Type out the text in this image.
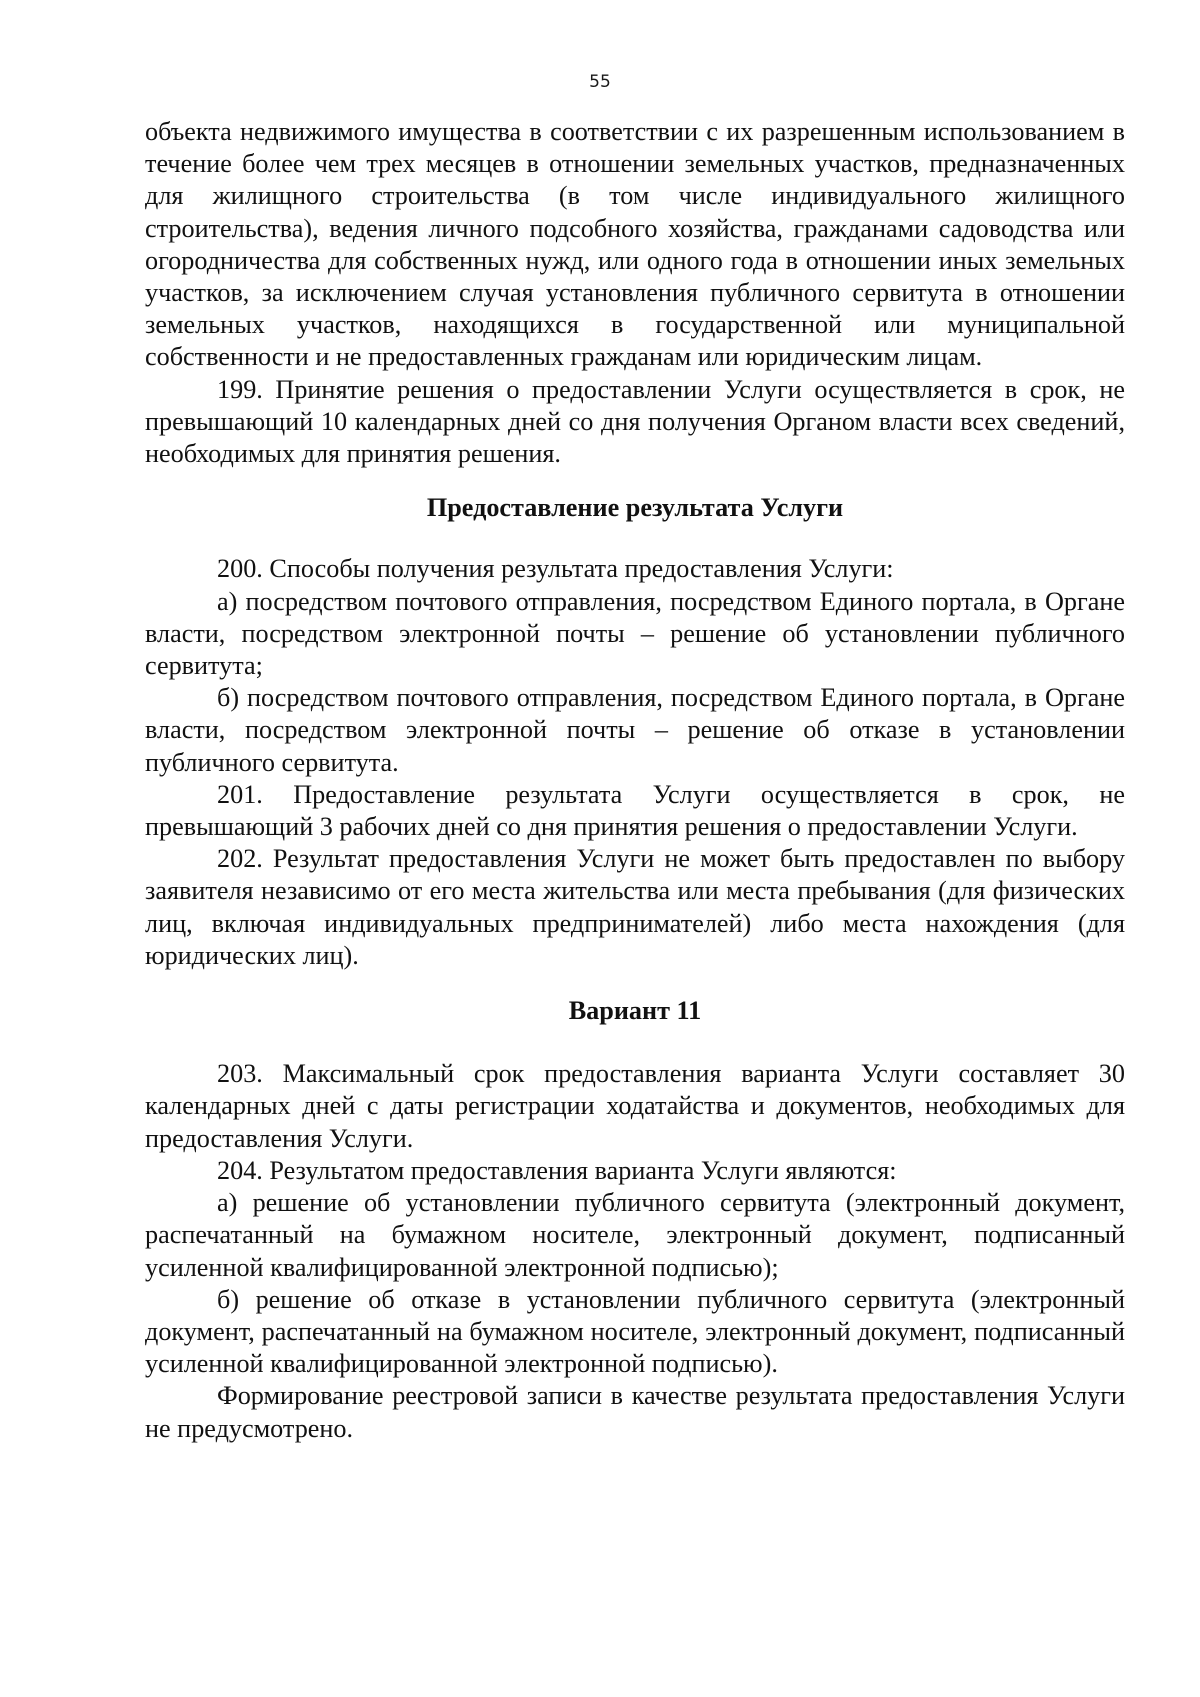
55

объекта недвижимого имущества в соответствии с их разрешенным использованием в течение более чем трех месяцев в отношении земельных участков, предназначенных для жилищного строительства (в том числе индивидуального жилищного строительства), ведения личного подсобного хозяйства, гражданами садоводства или огородничества для собственных нужд, или одного года в отношении иных земельных участков, за исключением случая установления публичного сервитута в отношении земельных участков, находящихся в государственной или муниципальной собственности и не предоставленных гражданам или юридическим лицам.

199. Принятие решения о предоставлении Услуги осуществляется в срок, не превышающий 10 календарных дней со дня получения Органом власти всех сведений, необходимых для принятия решения.

Предоставление результата Услуги

200. Способы получения результата предоставления Услуги:

а) посредством почтового отправления, посредством Единого портала, в Органе власти, посредством электронной почты – решение об установлении публичного сервитута;

б) посредством почтового отправления, посредством Единого портала, в Органе власти, посредством электронной почты – решение об отказе в установлении публичного сервитута.

201. Предоставление результата Услуги осуществляется в срок, не превышающий 3 рабочих дней со дня принятия решения о предоставлении Услуги.

202. Результат предоставления Услуги не может быть предоставлен по выбору заявителя независимо от его места жительства или места пребывания (для физических лиц, включая индивидуальных предпринимателей) либо места нахождения (для юридических лиц).

Вариант 11

203. Максимальный срок предоставления варианта Услуги составляет 30 календарных дней с даты регистрации ходатайства и документов, необходимых для предоставления Услуги.

204. Результатом предоставления варианта Услуги являются:

а) решение об установлении публичного сервитута (электронный документ, распечатанный на бумажном носителе, электронный документ, подписанный усиленной квалифицированной электронной подписью);

б) решение об отказе в установлении публичного сервитута (электронный документ, распечатанный на бумажном носителе, электронный документ, подписанный усиленной квалифицированной электронной подписью).

Формирование реестровой записи в качестве результата предоставления Услуги не предусмотрено.
